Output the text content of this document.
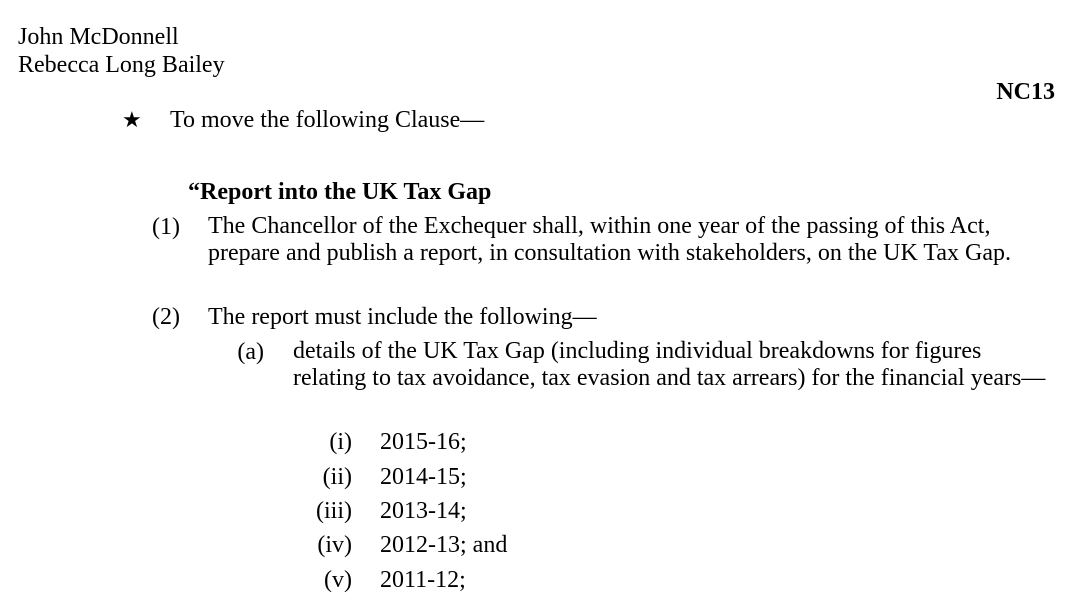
John McDonnell
Rebecca Long Bailey
NC13
★ To move the following Clause—
“Report into the UK Tax Gap
(1) The Chancellor of the Exchequer shall, within one year of the passing of this Act, prepare and publish a report, in consultation with stakeholders, on the UK Tax Gap.
(2) The report must include the following—
(a) details of the UK Tax Gap (including individual breakdowns for figures relating to tax avoidance, tax evasion and tax arrears) for the financial years—
(i) 2015-16;
(ii) 2014-15;
(iii) 2013-14;
(iv) 2012-13; and
(v) 2011-12;
